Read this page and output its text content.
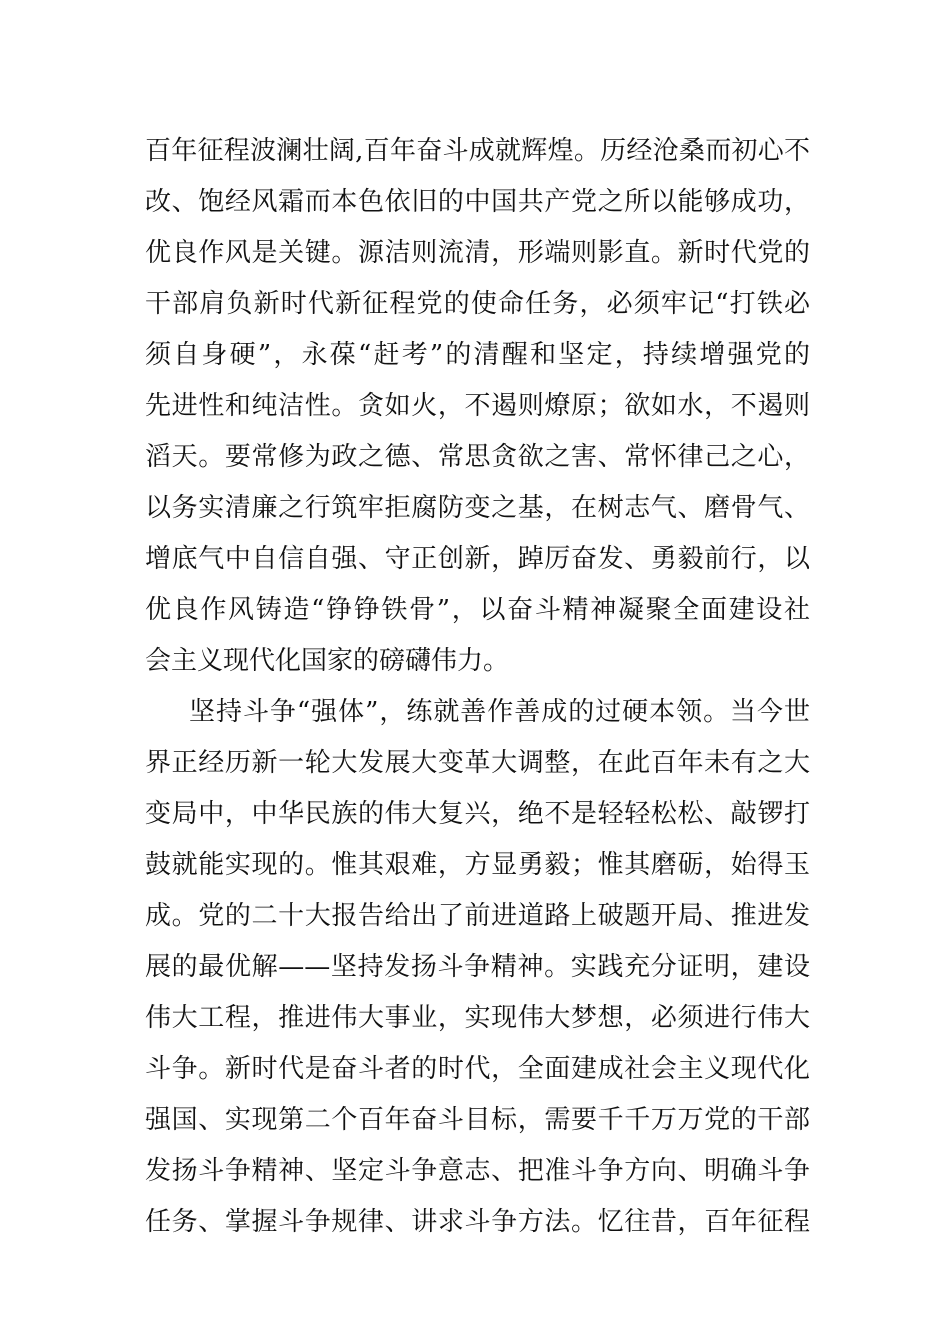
百年征程波澜壮阔,百年奋斗成就辉煌。历经沧桑而初心不
改、饱经风霜而本色依旧的中国共产党之所以能够成功，
优良作风是关键。源洁则流清，形端则影直。新时代党的
干部肩负新时代新征程党的使命任务，必须牢记“打铁必
须自身硬”，永葆“赶考”的清醒和坚定，持续增强党的
先进性和纯洁性。贪如火，不遏则燎原；欲如水，不遏则
滔天。要常修为政之德、常思贪欲之害、常怀律己之心，
以务实清廉之行筑牢拒腐防变之基，在树志气、磨骨气、
增底气中自信自强、守正创新，踔厉奋发、勇毅前行，以
优良作风铸造“铮铮铁骨”，以奋斗精神凝聚全面建设社
会主义现代化国家的磅礴伟力。
坚持斗争“强体”，练就善作善成的过硬本领。当今世
界正经历新一轮大发展大变革大调整，在此百年未有之大
变局中，中华民族的伟大复兴，绝不是轻轻松松、敲锣打
鼓就能实现的。惟其艰难，方显勇毅；惟其磨砺，始得玉
成。党的二十大报告给出了前进道路上破题开局、推进发
展的最优解——坚持发扬斗争精神。实践充分证明，建设
伟大工程，推进伟大事业，实现伟大梦想，必须进行伟大
斗争。新时代是奋斗者的时代，全面建成社会主义现代化
强国、实现第二个百年奋斗目标，需要千千万万党的干部
发扬斗争精神、坚定斗争意志、把准斗争方向、明确斗争
任务、掌握斗争规律、讲求斗争方法。忆往昔，百年征程
